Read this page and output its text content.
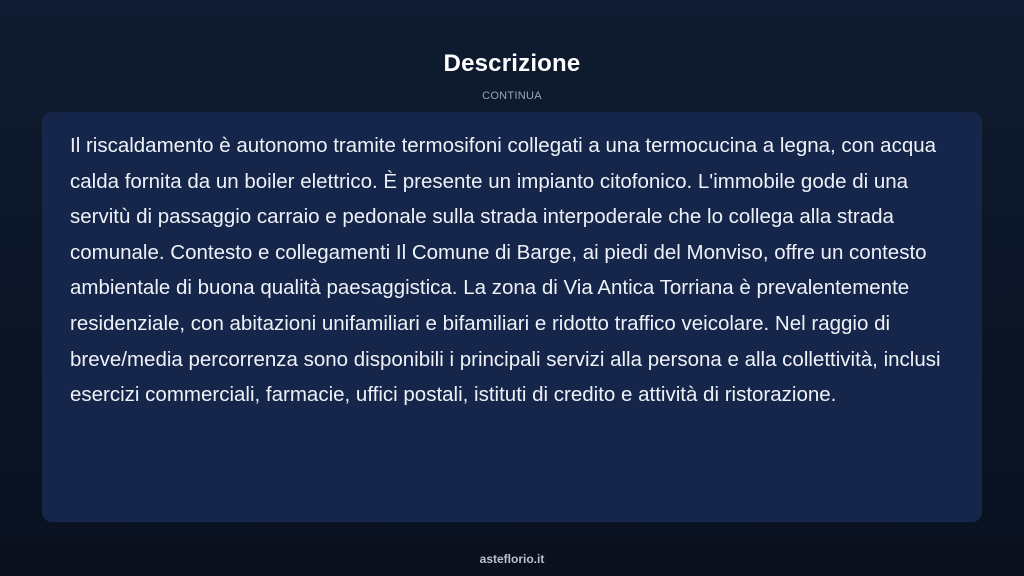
Descrizione
CONTINUA

Il riscaldamento è autonomo tramite termosifoni collegati a una termocucina a legna, con acqua calda fornita da un boiler elettrico. È presente un impianto citofonico. L'immobile gode di una servitù di passaggio carraio e pedonale sulla strada interpoderale che lo collega alla strada comunale. Contesto e collegamenti Il Comune di Barge, ai piedi del Monviso, offre un contesto ambientale di buona qualità paesaggistica. La zona di Via Antica Torriana è prevalentemente residenziale, con abitazioni unifamiliari e bifamiliari e ridotto traffico veicolare. Nel raggio di breve/media percorrenza sono disponibili i principali servizi alla persona e alla collettività, inclusi esercizi commerciali, farmacie, uffici postali, istituti di credito e attività di ristorazione.

asteflorio.it
